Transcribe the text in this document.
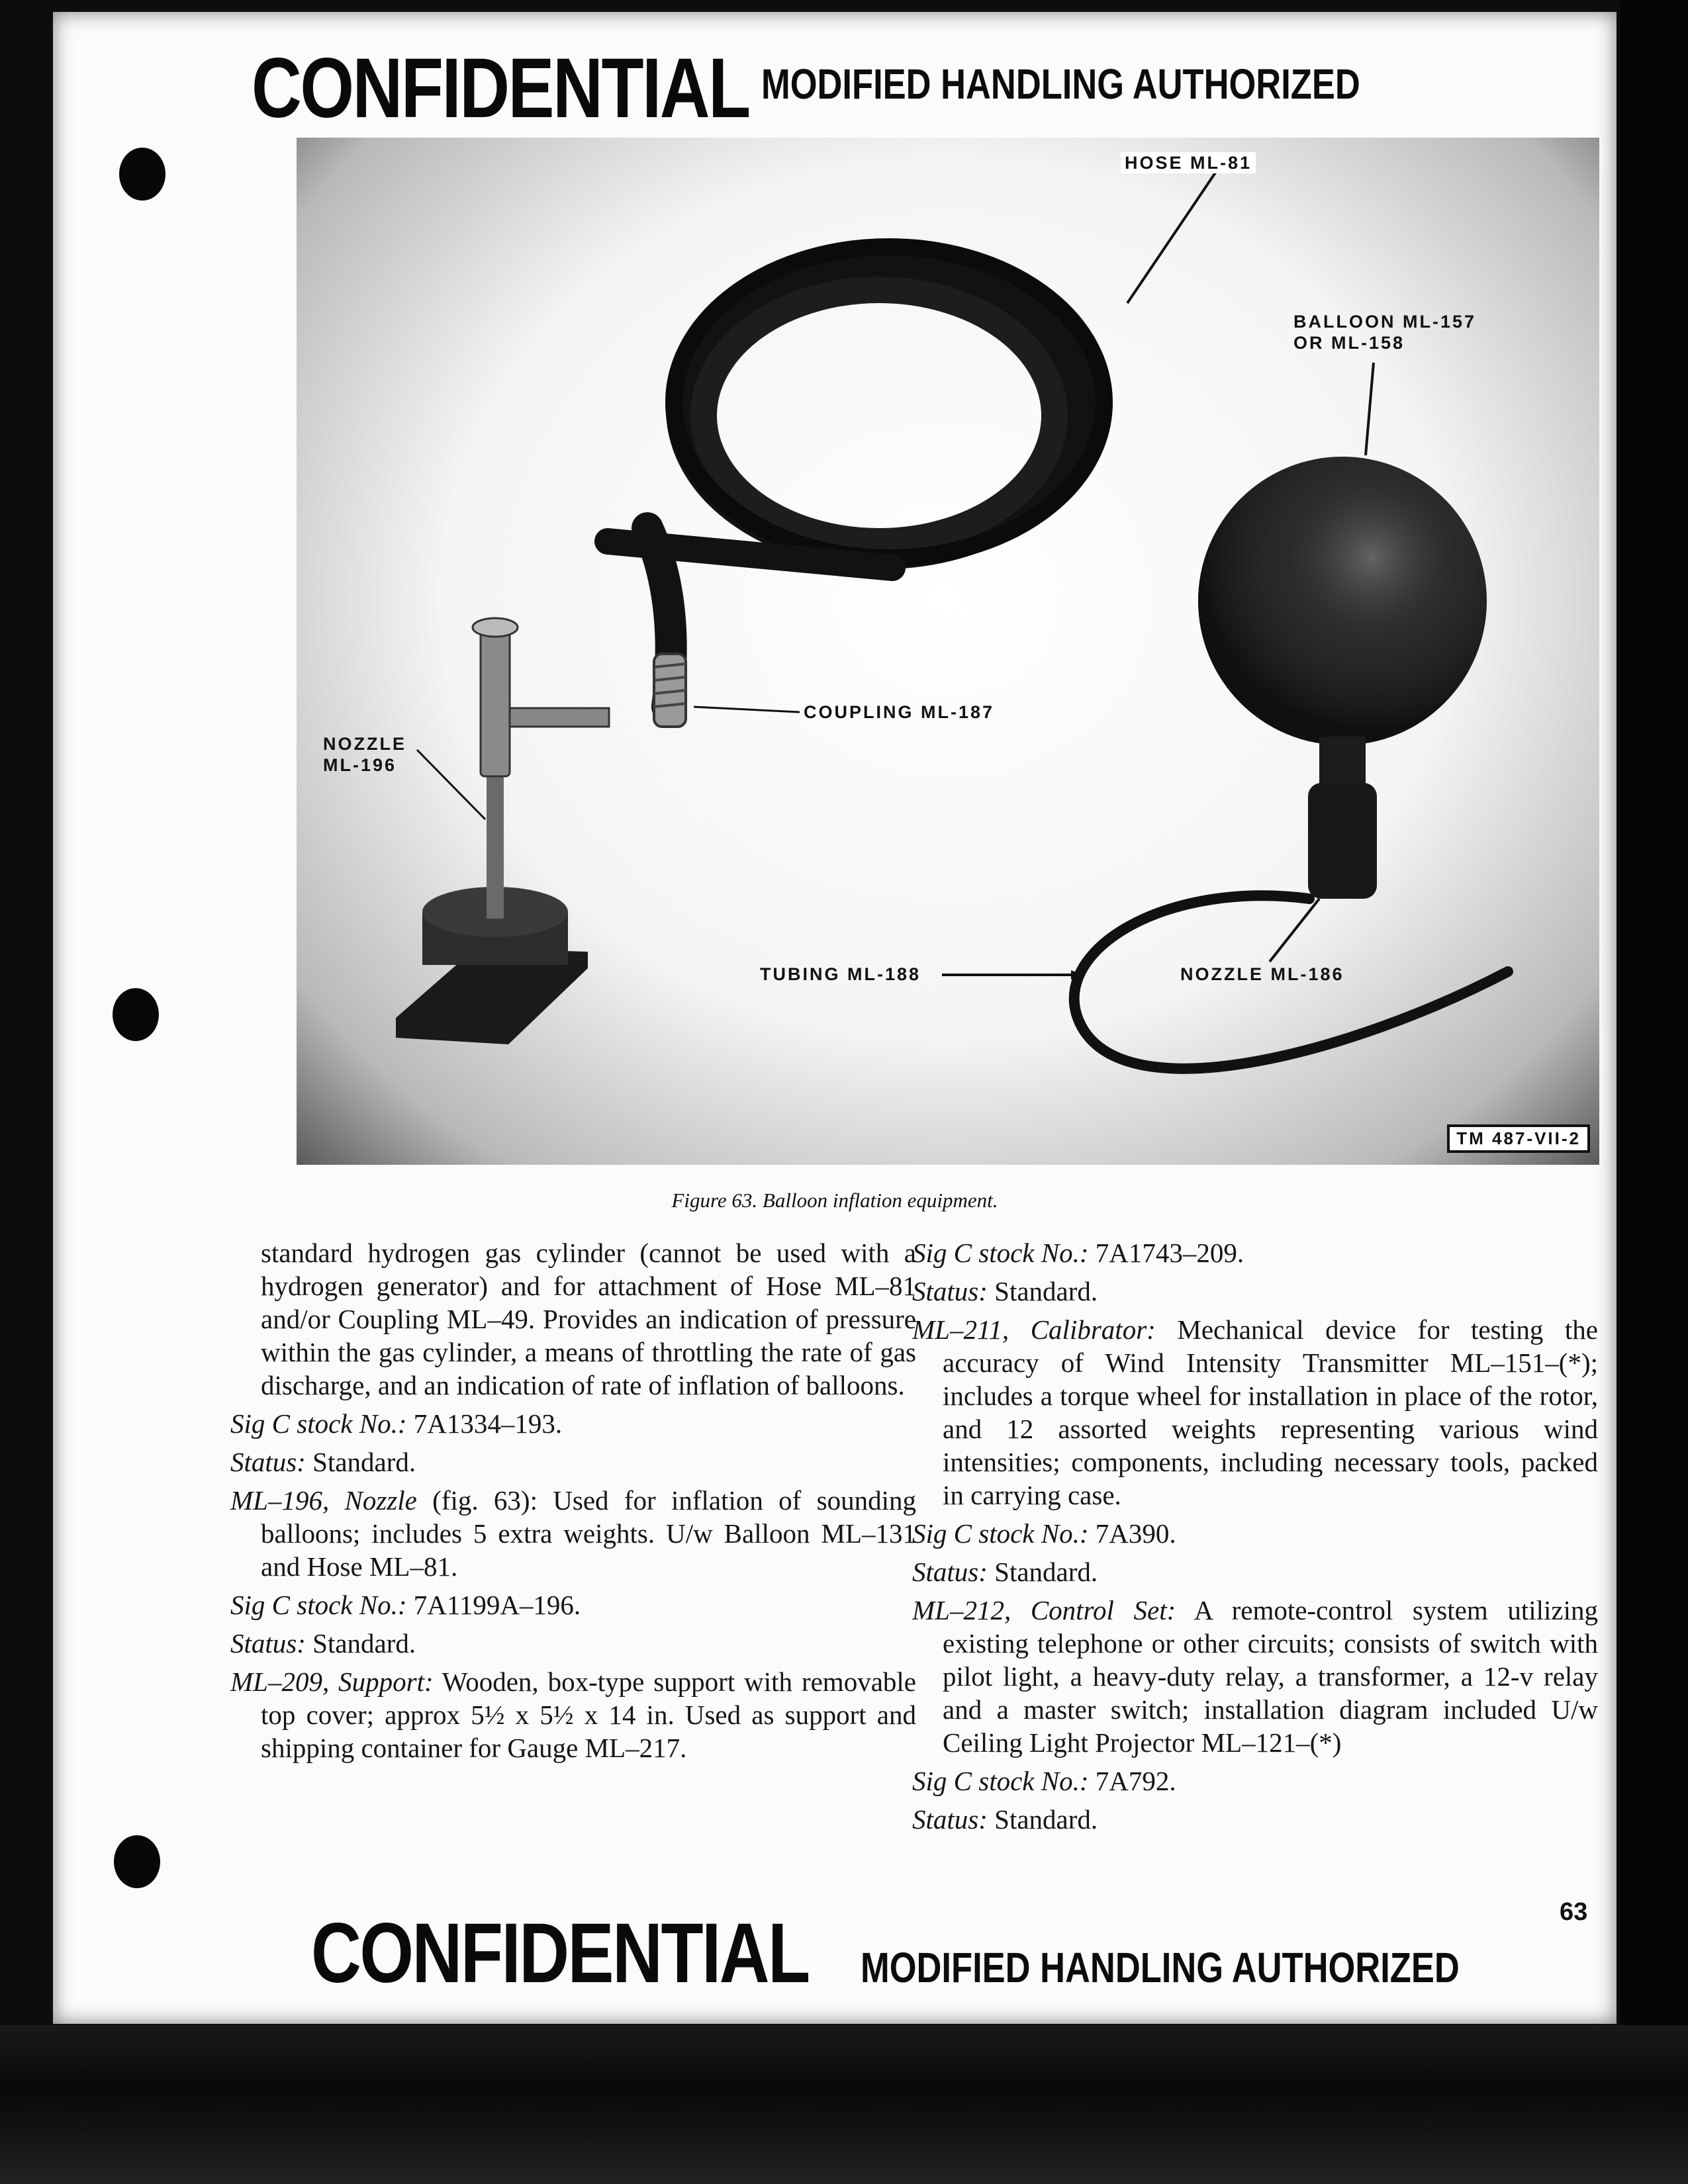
CONFIDENTIAL MODIFIED HANDLING AUTHORIZED
HOSE ML-81
BALLOON ML-157
OR ML-158
COUPLING ML-187
NOZZLE
ML-196
TUBING ML-188	NOZZLE ML-186
TM 487-VII-2
Figure 63. Balloon inflation equipment.

standard hydrogen gas cylinder (cannot be used with a hydrogen generator) and for attachment of Hose ML–81 and/or Coupling ML–49. Provides an indication of pressure within the gas cylinder, a means of throttling the rate of gas discharge, and an indication of rate of inflation of balloons.

Sig C stock No.: 7A1334–193.

Status: Standard.

ML–196, Nozzle (fig. 63): Used for inflation of sounding balloons; includes 5 extra weights. U/w Balloon ML–131 and Hose ML–81.

Sig C stock No.: 7A1199A–196.

Status: Standard.

ML–209, Support: Wooden, box-type support with removable top cover; approx 5½ x 5½ x 14 in. Used as support and shipping container for Gauge ML–217.

Sig C stock No.: 7A1743–209.

Status: Standard.

ML–211, Calibrator: Mechanical device for testing the accuracy of Wind Intensity Transmitter ML–151–(*); includes a torque wheel for installation in place of the rotor, and 12 assorted weights representing various wind intensities; components, including necessary tools, packed in carrying case.

Sig C stock No.: 7A390.

Status: Standard.

ML–212, Control Set: A remote-control system utilizing existing telephone or other circuits; consists of switch with pilot light, a heavy-duty relay, a transformer, a 12-v relay and a master switch; installation diagram included U/w Ceiling Light Projector ML–121–(*)

Sig C stock No.: 7A792.

Status: Standard.

63
CONFIDENTIAL MODIFIED HANDLING AUTHORIZED
